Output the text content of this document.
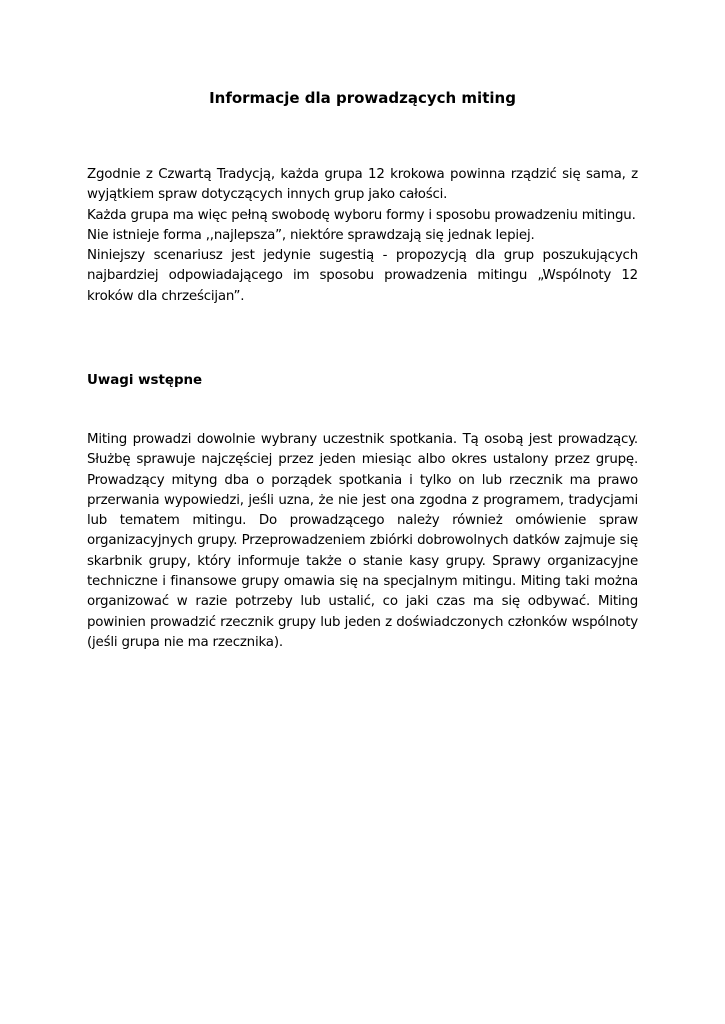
Informacje dla prowadzących miting

Zgodnie z Czwartą Tradycją, każda grupa 12 krokowa powinna rządzić się sama, z wyjątkiem spraw dotyczących innych grup jako całości.

Każda grupa ma więc pełną swobodę wyboru formy i sposobu prowadzeniu mitingu.

Nie istnieje forma ,,najlepsza”, niektóre sprawdzają się jednak lepiej.

Niniejszy scenariusz jest jedynie sugestią - propozycją dla grup poszukujących najbardziej odpowiadającego im sposobu prowadzenia mitingu „Wspólnoty 12 kroków dla chrześcijan”.

Uwagi wstępne

Miting prowadzi dowolnie wybrany uczestnik spotkania. Tą osobą jest prowadzący. Służbę sprawuje najczęściej przez jeden miesiąc albo okres ustalony przez grupę. Prowadzący mityng dba o porządek spotkania i tylko on lub rzecznik ma prawo przerwania wypowiedzi, jeśli uzna, że nie jest ona zgodna z programem, tradycjami lub tematem mitingu. Do prowadzącego należy również omówienie spraw organizacyjnych grupy. Przeprowadzeniem zbiórki dobrowolnych datków zajmuje się skarbnik grupy, który informuje także o stanie kasy grupy. Sprawy organizacyjne techniczne i finansowe grupy omawia się na specjalnym mitingu. Miting taki można organizować w razie potrzeby lub ustalić, co jaki czas ma się odbywać. Miting powinien prowadzić rzecznik grupy lub jeden z doświadczonych członków wspólnoty (jeśli grupa nie ma rzecznika).
